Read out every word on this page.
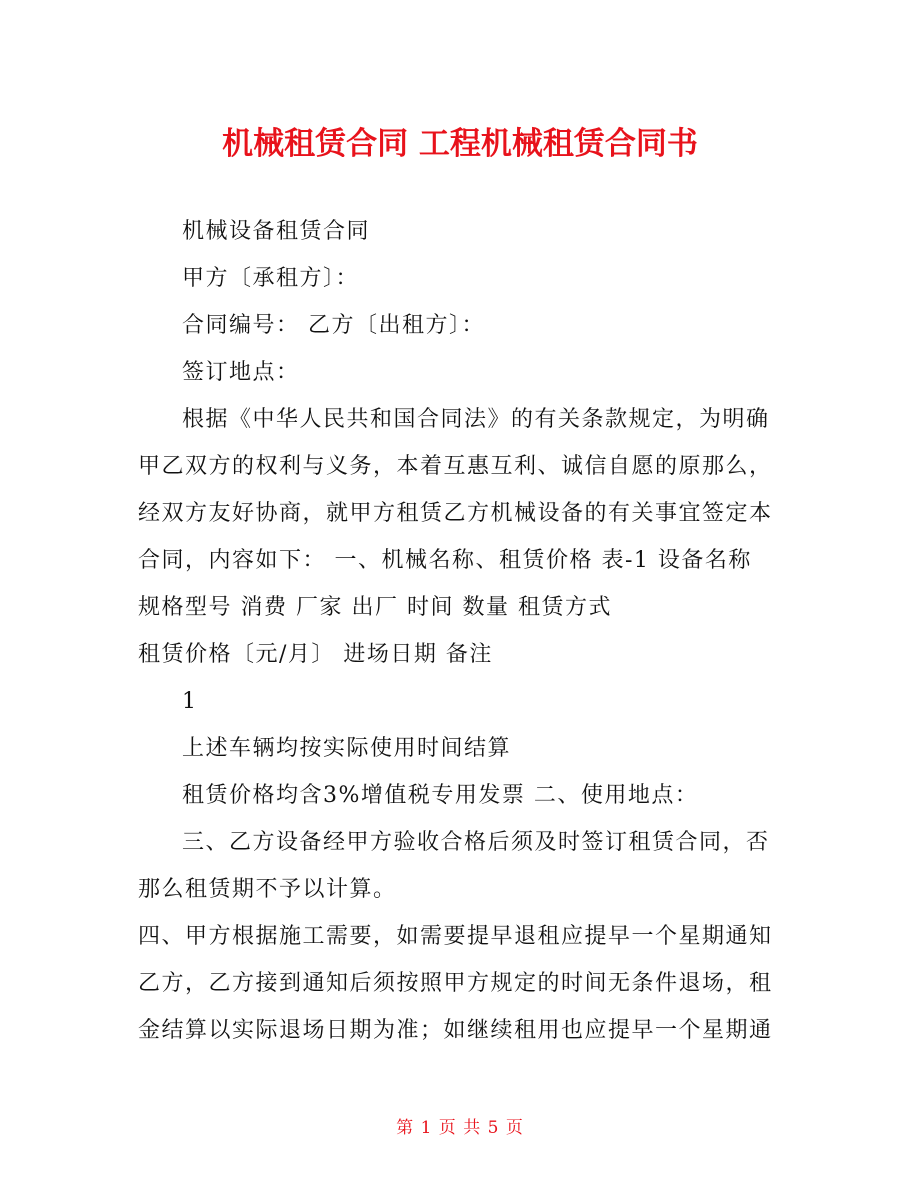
机械租赁合同 工程机械租赁合同书
机械设备租赁合同
甲方〔承租方〕：
合同编号： 乙方〔出租方〕：
签订地点：
根据《中华人民共和国合同法》的有关条款规定，为明确
甲乙双方的权利与义务，本着互惠互利、诚信自愿的原那么，
经双方友好协商，就甲方租赁乙方机械设备的有关事宜签定本
合同，内容如下： 一、机械名称、租赁价格 表-1 设备名称
规格型号 消费 厂家 出厂 时间 数量 租赁方式
租赁价格〔元/月〕 进场日期 备注
1
上述车辆均按实际使用时间结算
租赁价格均含3%增值税专用发票 二、使用地点：
三、乙方设备经甲方验收合格后须及时签订租赁合同，否
那么租赁期不予以计算。
四、甲方根据施工需要，如需要提早退租应提早一个星期通知
乙方，乙方接到通知后须按照甲方规定的时间无条件退场，租
金结算以实际退场日期为准；如继续租用也应提早一个星期通
第 1 页 共 5 页
